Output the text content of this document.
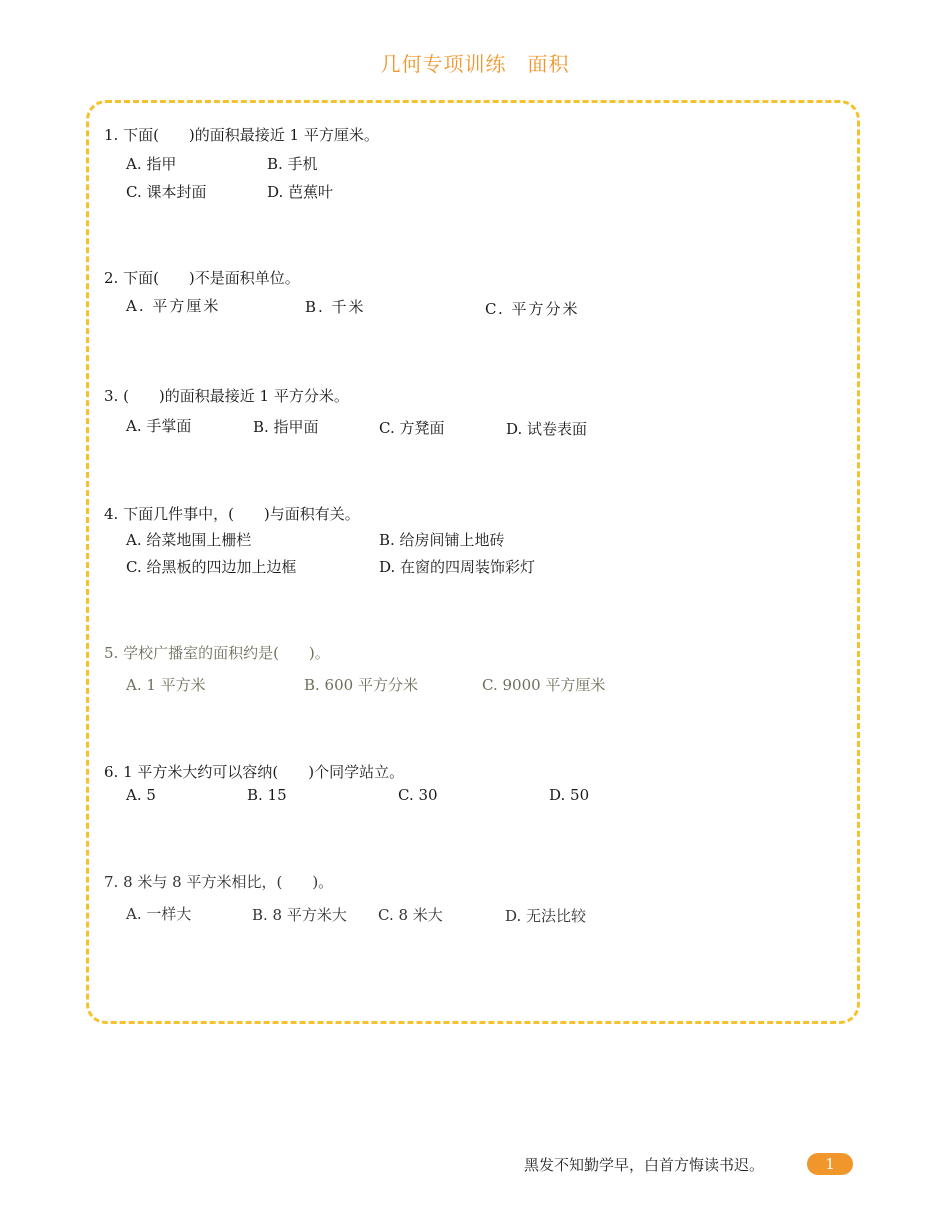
几何专项训练　面积
1. 下面(　　)的面积最接近 1 平方厘米。
A. 指甲	B. 手机
C. 课本封面	D. 芭蕉叶
2. 下面(　　)不是面积单位。
A. 平方厘米	B. 千米	C. 平方分米
3. (　　)的面积最接近 1 平方分米。
A. 手掌面	B. 指甲面	C. 方凳面	D. 试卷表面
4. 下面几件事中，(　　)与面积有关。
A. 给菜地围上栅栏	B. 给房间铺上地砖
C. 给黑板的四边加上边框	D. 在窗的四周装饰彩灯
5. 学校广播室的面积约是(　　)。
A. 1 平方米	B. 600 平方分米	C. 9000 平方厘米
6. 1 平方米大约可以容纳(　　)个同学站立。
A. 5	B. 15	C. 30	D. 50
7. 8 米与 8 平方米相比，(　　)。
A. 一样大	B. 8 平方米大 C. 8 米大	D. 无法比较
黑发不知勤学早，白首方悔读书迟。	1
